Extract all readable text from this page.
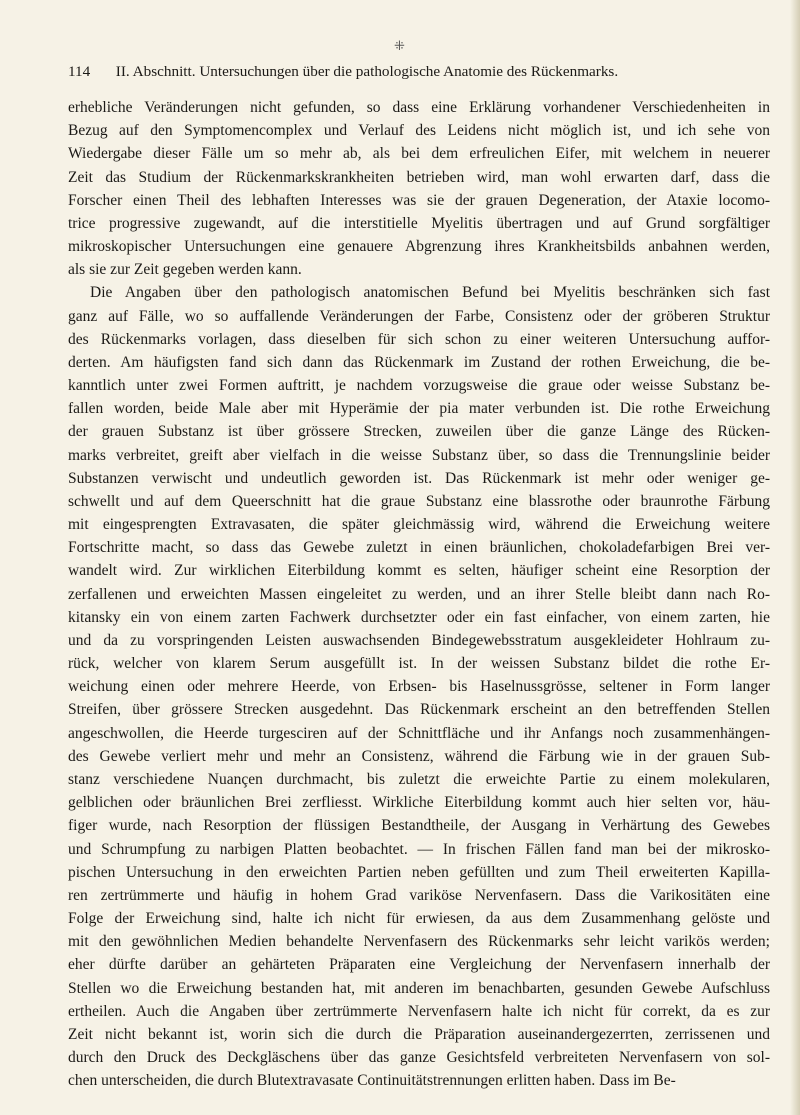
⁜
114 II. Abschnitt. Untersuchungen über die pathologische Anatomie des Rückenmarks.
erhebliche Veränderungen nicht gefunden, so dass eine Erklärung vorhandener Verschiedenheiten in
Bezug auf den Symptomencomplex und Verlauf des Leidens nicht möglich ist, und ich sehe von
Wiedergabe dieser Fälle um so mehr ab, als bei dem erfreulichen Eifer, mit welchem in neuerer
Zeit das Studium der Rückenmarkskrankheiten betrieben wird, man wohl erwarten darf, dass die
Forscher einen Theil des lebhaften Interesses was sie der grauen Degeneration, der Ataxie locomo-
trice progressive zugewandt, auf die interstitielle Myelitis übertragen und auf Grund sorgfältiger
mikroskopischer Untersuchungen eine genauere Abgrenzung ihres Krankheitsbilds anbahnen werden,
als sie zur Zeit gegeben werden kann.
Die Angaben über den pathologisch anatomischen Befund bei Myelitis beschränken sich fast
ganz auf Fälle, wo so auffallende Veränderungen der Farbe, Consistenz oder der gröberen Struktur
des Rückenmarks vorlagen, dass dieselben für sich schon zu einer weiteren Untersuchung auffor-
derten. Am häufigsten fand sich dann das Rückenmark im Zustand der rothen Erweichung, die be-
kanntlich unter zwei Formen auftritt, je nachdem vorzugsweise die graue oder weisse Substanz be-
fallen worden, beide Male aber mit Hyperämie der pia mater verbunden ist. Die rothe Erweichung
der grauen Substanz ist über grössere Strecken, zuweilen über die ganze Länge des Rücken-
marks verbreitet, greift aber vielfach in die weisse Substanz über, so dass die Trennungslinie beider
Substanzen verwischt und undeutlich geworden ist. Das Rückenmark ist mehr oder weniger ge-
schwellt und auf dem Queerschnitt hat die graue Substanz eine blassrothe oder braunrothe Färbung
mit eingesprengten Extravasaten, die später gleichmässig wird, während die Erweichung weitere
Fortschritte macht, so dass das Gewebe zuletzt in einen bräunlichen, chokoladefarbigen Brei ver-
wandelt wird. Zur wirklichen Eiterbildung kommt es selten, häufiger scheint eine Resorption der
zerfallenen und erweichten Massen eingeleitet zu werden, und an ihrer Stelle bleibt dann nach Ro-
kitansky ein von einem zarten Fachwerk durchsetzter oder ein fast einfacher, von einem zarten, hie
und da zu vorspringenden Leisten auswachsenden Bindegewebsstratum ausgekleideter Hohlraum zu-
rück, welcher von klarem Serum ausgefüllt ist. In der weissen Substanz bildet die rothe Er-
weichung einen oder mehrere Heerde, von Erbsen- bis Haselnussgrösse, seltener in Form langer
Streifen, über grössere Strecken ausgedehnt. Das Rückenmark erscheint an den betreffenden Stellen
angeschwollen, die Heerde turgesciren auf der Schnittfläche und ihr Anfangs noch zusammenhängen-
des Gewebe verliert mehr und mehr an Consistenz, während die Färbung wie in der grauen Sub-
stanz verschiedene Nuançen durchmacht, bis zuletzt die erweichte Partie zu einem molekularen,
gelblichen oder bräunlichen Brei zerfliesst. Wirkliche Eiterbildung kommt auch hier selten vor, häu-
figer wurde, nach Resorption der flüssigen Bestandtheile, der Ausgang in Verhärtung des Gewebes
und Schrumpfung zu narbigen Platten beobachtet. — In frischen Fällen fand man bei der mikrosko-
pischen Untersuchung in den erweichten Partien neben gefüllten und zum Theil erweiterten Kapilla-
ren zertrümmerte und häufig in hohem Grad variköse Nervenfasern. Dass die Varikositäten eine
Folge der Erweichung sind, halte ich nicht für erwiesen, da aus dem Zusammenhang gelöste und
mit den gewöhnlichen Medien behandelte Nervenfasern des Rückenmarks sehr leicht varikös werden;
eher dürfte darüber an gehärteten Präparaten eine Vergleichung der Nervenfasern innerhalb der
Stellen wo die Erweichung bestanden hat, mit anderen im benachbarten, gesunden Gewebe Aufschluss
ertheilen. Auch die Angaben über zertrümmerte Nervenfasern halte ich nicht für correkt, da es zur
Zeit nicht bekannt ist, worin sich die durch die Präparation auseinandergezerrten, zerrissenen und
durch den Druck des Deckgläschens über das ganze Gesichtsfeld verbreiteten Nervenfasern von sol-
chen unterscheiden, die durch Blutextravasate Continuitätstrennungen erlitten haben. Dass im Be-
